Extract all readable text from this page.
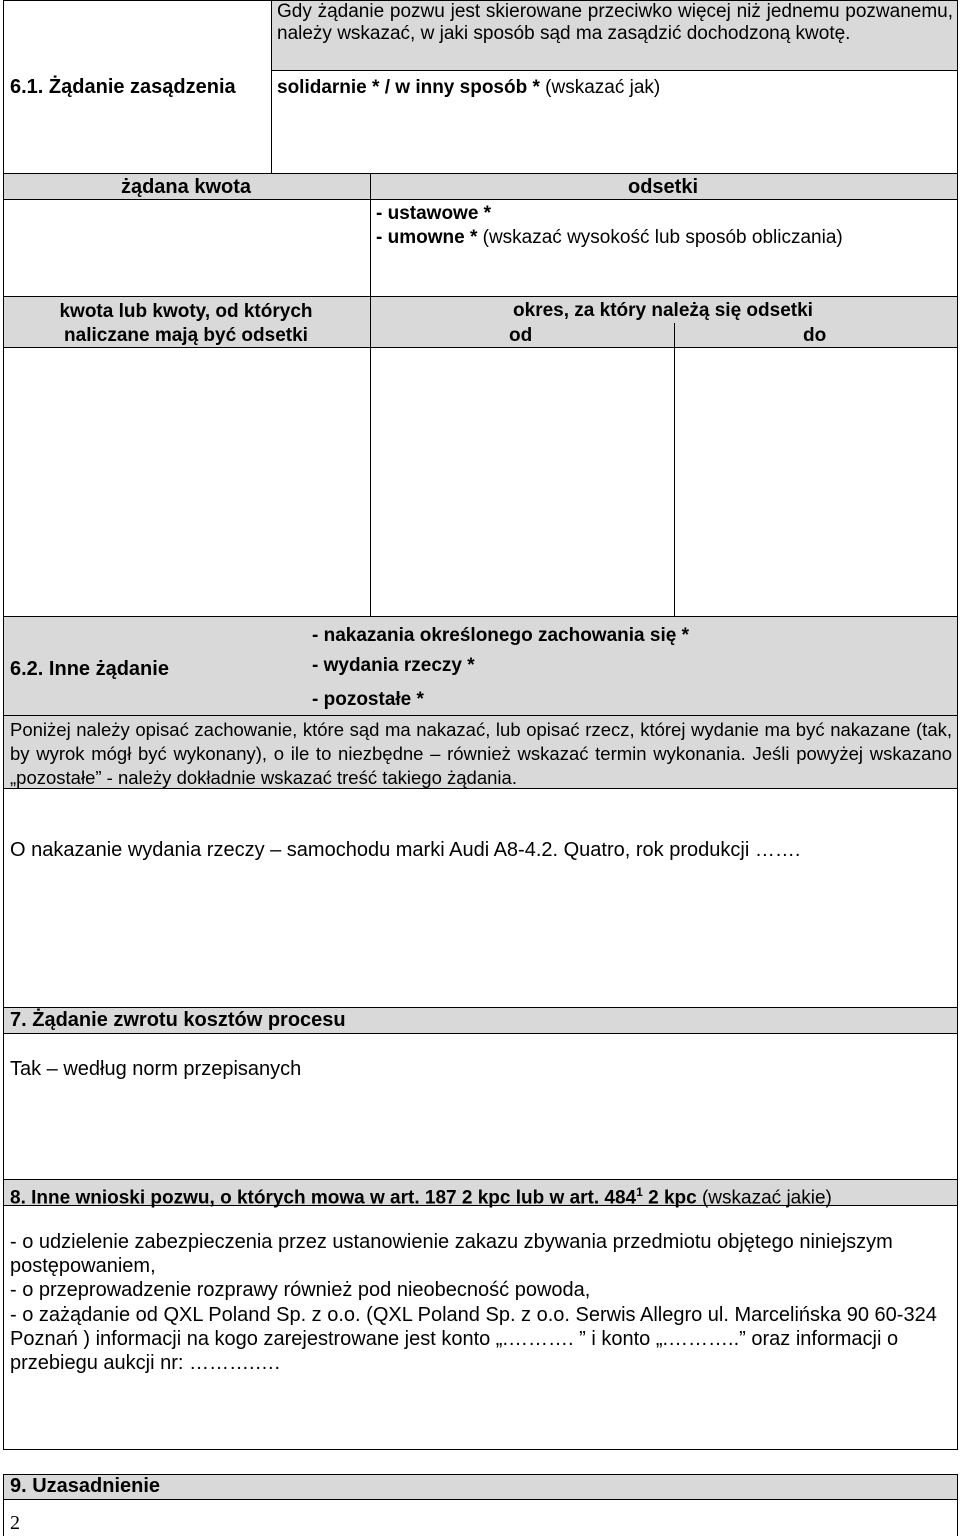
6.1. Żądanie zasądzenia
Gdy żądanie pozwu jest skierowane przeciwko więcej niż jednemu pozwanemu, należy wskazać, w jaki sposób sąd ma zasądzić dochodzoną kwotę.
solidarnie * / w inny sposób * (wskazać jak)
żądana kwota	odsetki
- ustawowe *
- umowne * (wskazać wysokość lub sposób obliczania)
kwota lub kwoty, od których
naliczane mają być odsetki
okres, za który należą się odsetki
od	do
6.2. Inne żądanie
- nakazania określonego zachowania się *
- wydania rzeczy *
- pozostałe *
Poniżej należy opisać zachowanie, które sąd ma nakazać, lub opisać rzecz, której wydanie ma być nakazane (tak, by wyrok mógł być wykonany), o ile to niezbędne – również wskazać termin wykonania. Jeśli powyżej wskazano „pozostałe” - należy dokładnie wskazać treść takiego żądania.
O nakazanie wydania rzeczy – samochodu marki Audi A8-4.2. Quatro, rok produkcji …….
7. Żądanie zwrotu kosztów procesu
Tak – według norm przepisanych
8. Inne wnioski pozwu, o których mowa w art. 187 2 kpc lub w art. $484^1$ 2 kpc (wskazać jakie)
- o udzielenie zabezpieczenia przez ustanowienie zakazu zbywania przedmiotu objętego niniejszym postępowaniem,
- o przeprowadzenie rozprawy również pod nieobecność powoda,
- o zażądanie od QXL Poland Sp. z o.o. (QXL Poland Sp. z o.o. Serwis Allegro ul. Marcelińska 90 60-324 Poznań ) informacji na kogo zarejestrowane jest konto „.………. ” i konto „.………..” oraz informacji o przebiegu aukcji nr: ……….….
9. Uzasadnienie
2
